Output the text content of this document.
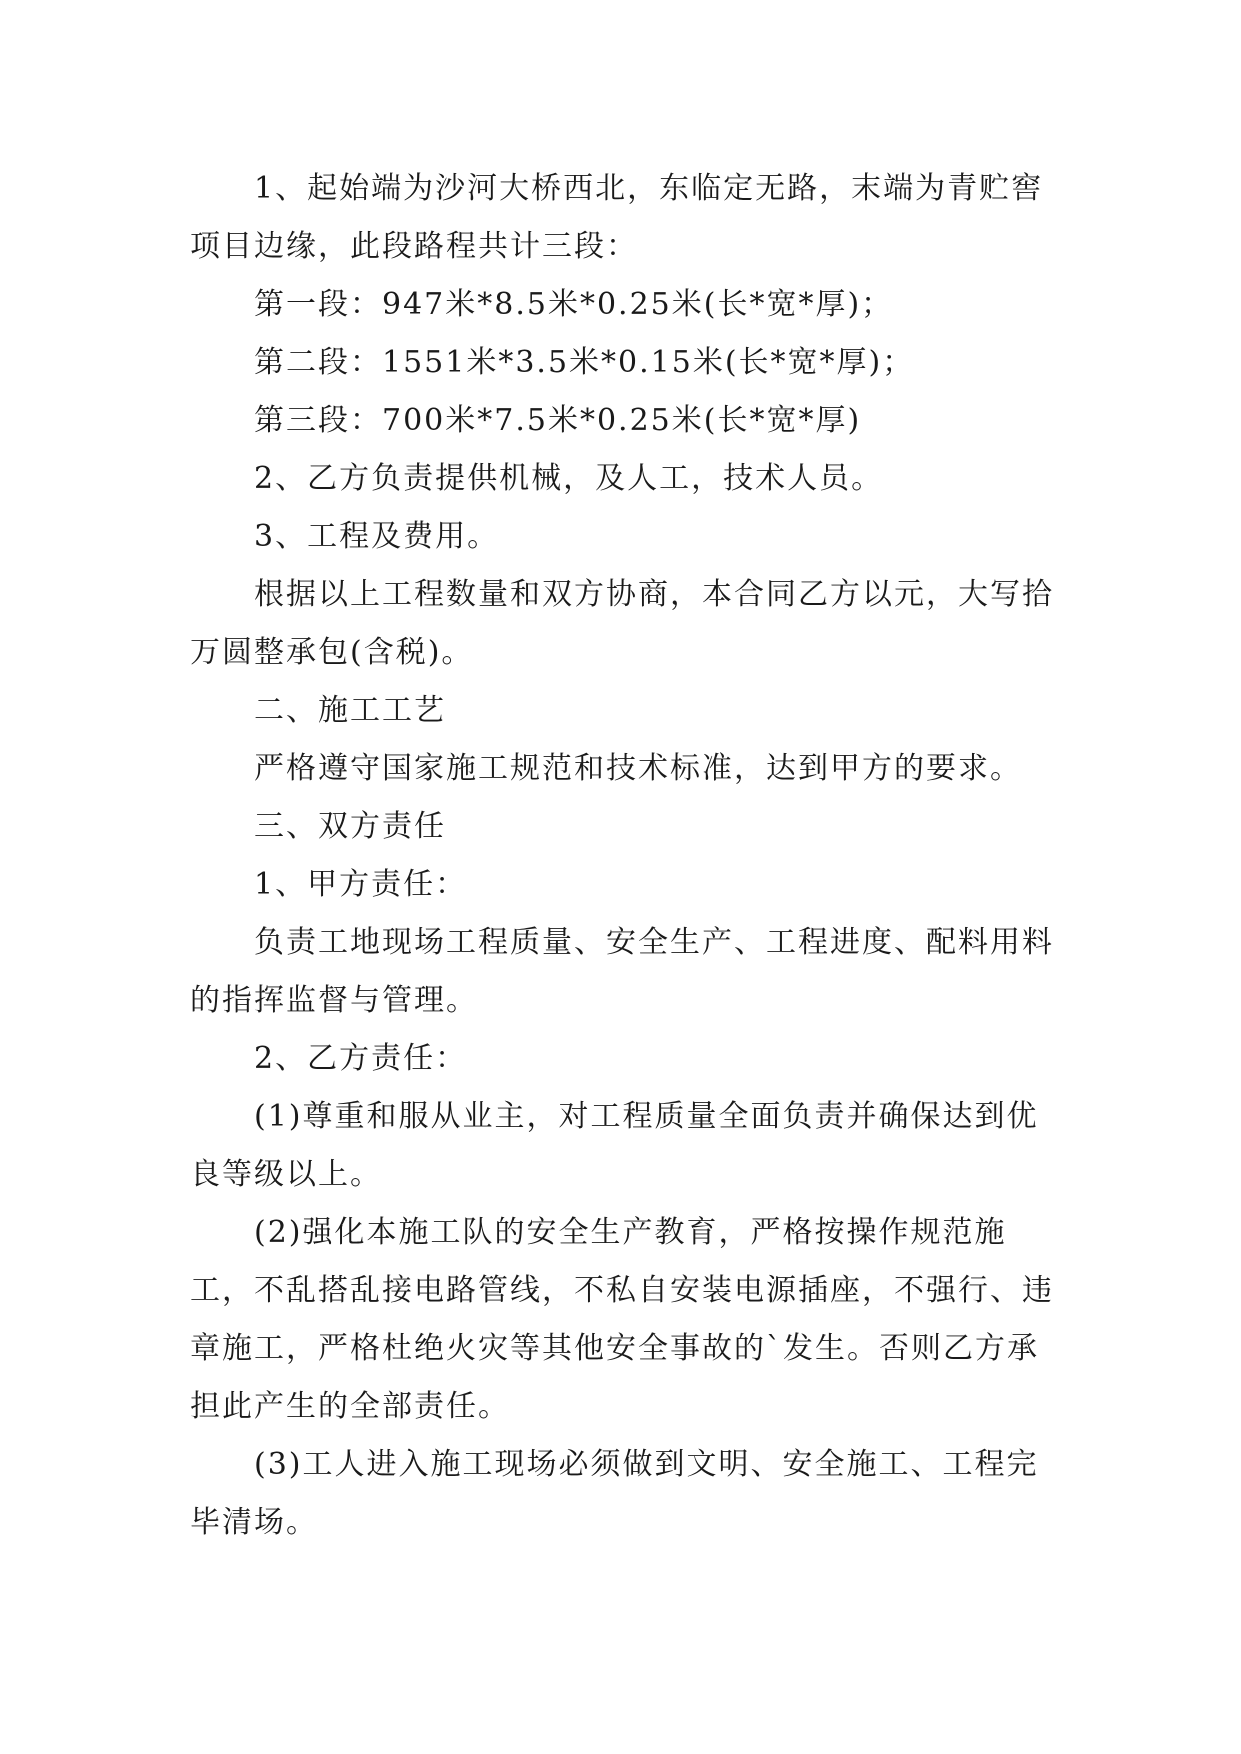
1、起始端为沙河大桥西北，东临定无路，末端为青贮窖项目边缘，此段路程共计三段：

第一段：947米*8.5米*0.25米(长*宽*厚)；

第二段：1551米*3.5米*0.15米(长*宽*厚)；

第三段：700米*7.5米*0.25米(长*宽*厚)

2、乙方负责提供机械，及人工，技术人员。

3、工程及费用。

根据以上工程数量和双方协商，本合同乙方以元，大写拾万圆整承包(含税)。

二、施工工艺

严格遵守国家施工规范和技术标准，达到甲方的要求。

三、双方责任

1、甲方责任：

负责工地现场工程质量、安全生产、工程进度、配料用料的指挥监督与管理。

2、乙方责任：

(1)尊重和服从业主，对工程质量全面负责并确保达到优良等级以上。

(2)强化本施工队的安全生产教育，严格按操作规范施工，不乱搭乱接电路管线，不私自安装电源插座，不强行、违章施工，严格杜绝火灾等其他安全事故的`发生。否则乙方承担此产生的全部责任。

(3)工人进入施工现场必须做到文明、安全施工、工程完毕清场。
